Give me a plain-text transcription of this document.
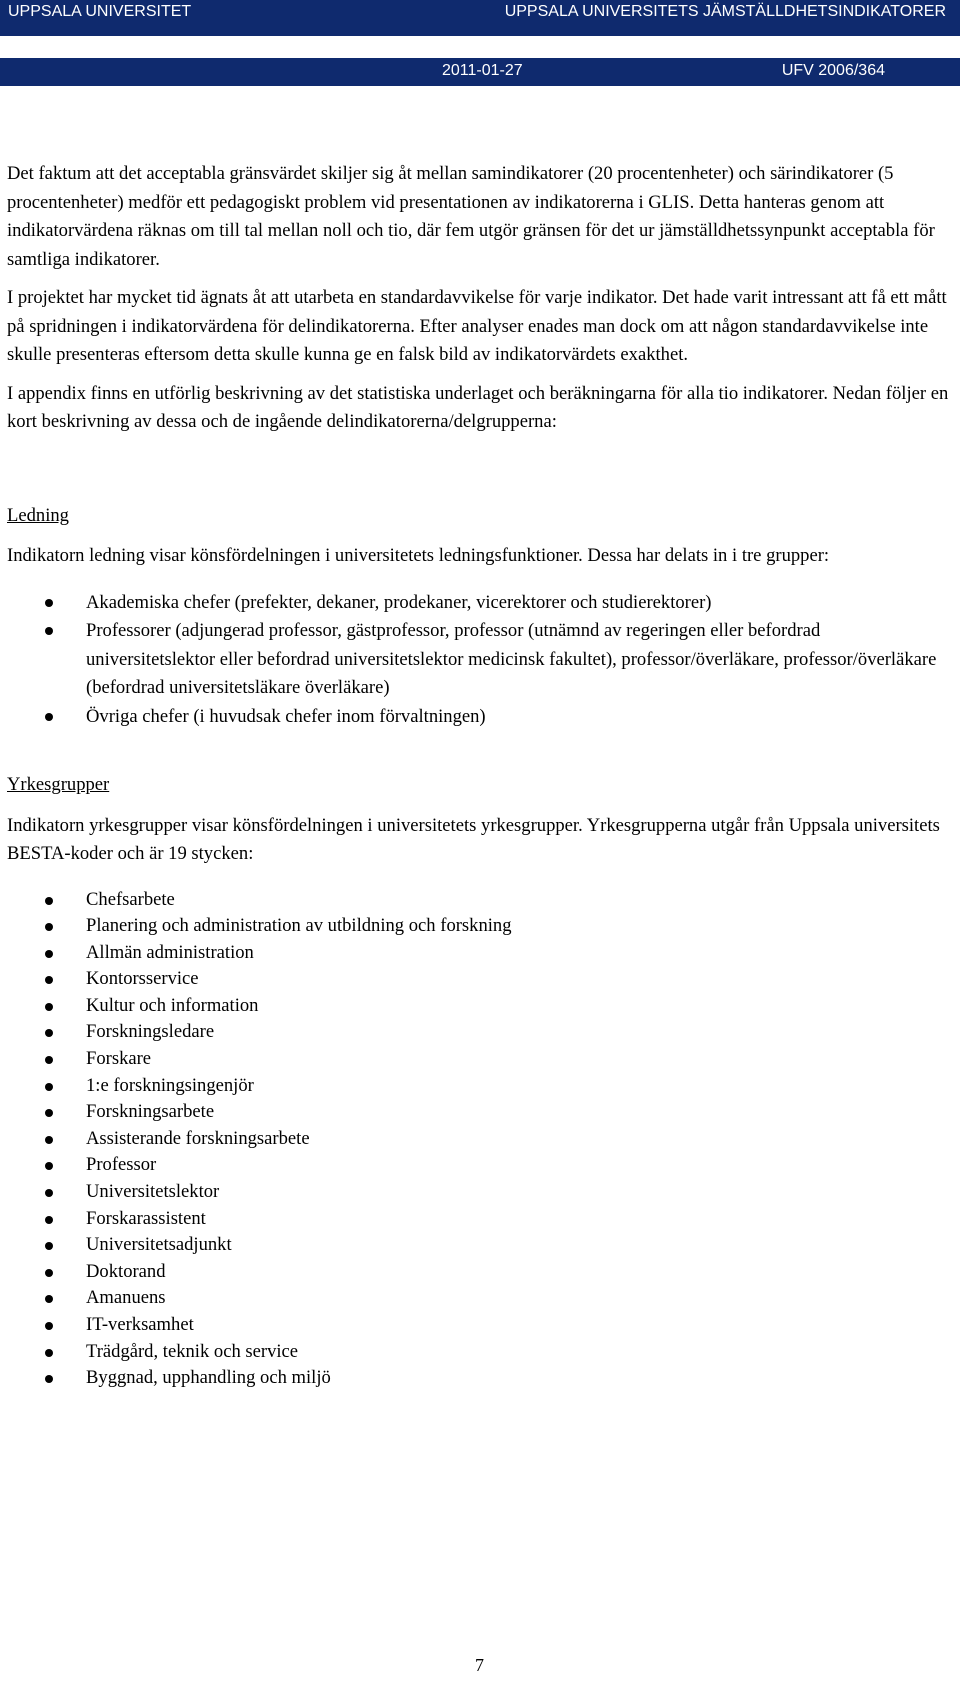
UPPSALA UNIVERSITET	UPPSALA UNIVERSITETS JÄMSTÄLLDHETSINDIKATORER
2011-01-27	UFV 2006/364

Det faktum att det acceptabla gränsvärdet skiljer sig åt mellan samindikatorer (20 procentenheter) och särindikatorer (5 procentenheter) medför ett pedagogiskt problem vid presentationen av indikatorerna i GLIS. Detta hanteras genom att indikatorvärdena räknas om till tal mellan noll och tio, där fem utgör gränsen för det ur jämställdhetssynpunkt acceptabla för samtliga indikatorer.

I projektet har mycket tid ägnats åt att utarbeta en standardavvikelse för varje indikator. Det hade varit intressant att få ett mått på spridningen i indikatorvärdena för delindikatorerna. Efter analyser enades man dock om att någon standardavvikelse inte skulle presenteras eftersom detta skulle kunna ge en falsk bild av indikatorvärdets exakthet.

I appendix finns en utförlig beskrivning av det statistiska underlaget och beräkningarna för alla tio indikatorer. Nedan följer en kort beskrivning av dessa och de ingående delindikatorerna/delgrupperna:

Ledning

Indikatorn ledning visar könsfördelningen i universitetets ledningsfunktioner. Dessa har delats in i tre grupper:

Akademiska chefer (prefekter, dekaner, prodekaner, vicerektorer och studierektorer)
Professorer (adjungerad professor, gästprofessor, professor (utnämnd av regeringen eller befordrad universitetslektor eller befordrad universitetslektor medicinsk fakultet), professor/överläkare, professor/överläkare (befordrad universitetsläkare överläkare)
Övriga chefer (i huvudsak chefer inom förvaltningen)
Yrkesgrupper

Indikatorn yrkesgrupper visar könsfördelningen i universitetets yrkesgrupper. Yrkesgrupperna utgår från Uppsala universitets BESTA-koder och är 19 stycken:

Chefsarbete
Planering och administration av utbildning och forskning
Allmän administration
Kontorsservice
Kultur och information
Forskningsledare
Forskare
1:e forskningsingenjör
Forskningsarbete
Assisterande forskningsarbete
Professor
Universitetslektor
Forskarassistent
Universitetsadjunkt
Doktorand
Amanuens
IT-verksamhet
Trädgård, teknik och service
Byggnad, upphandling och miljö
7
